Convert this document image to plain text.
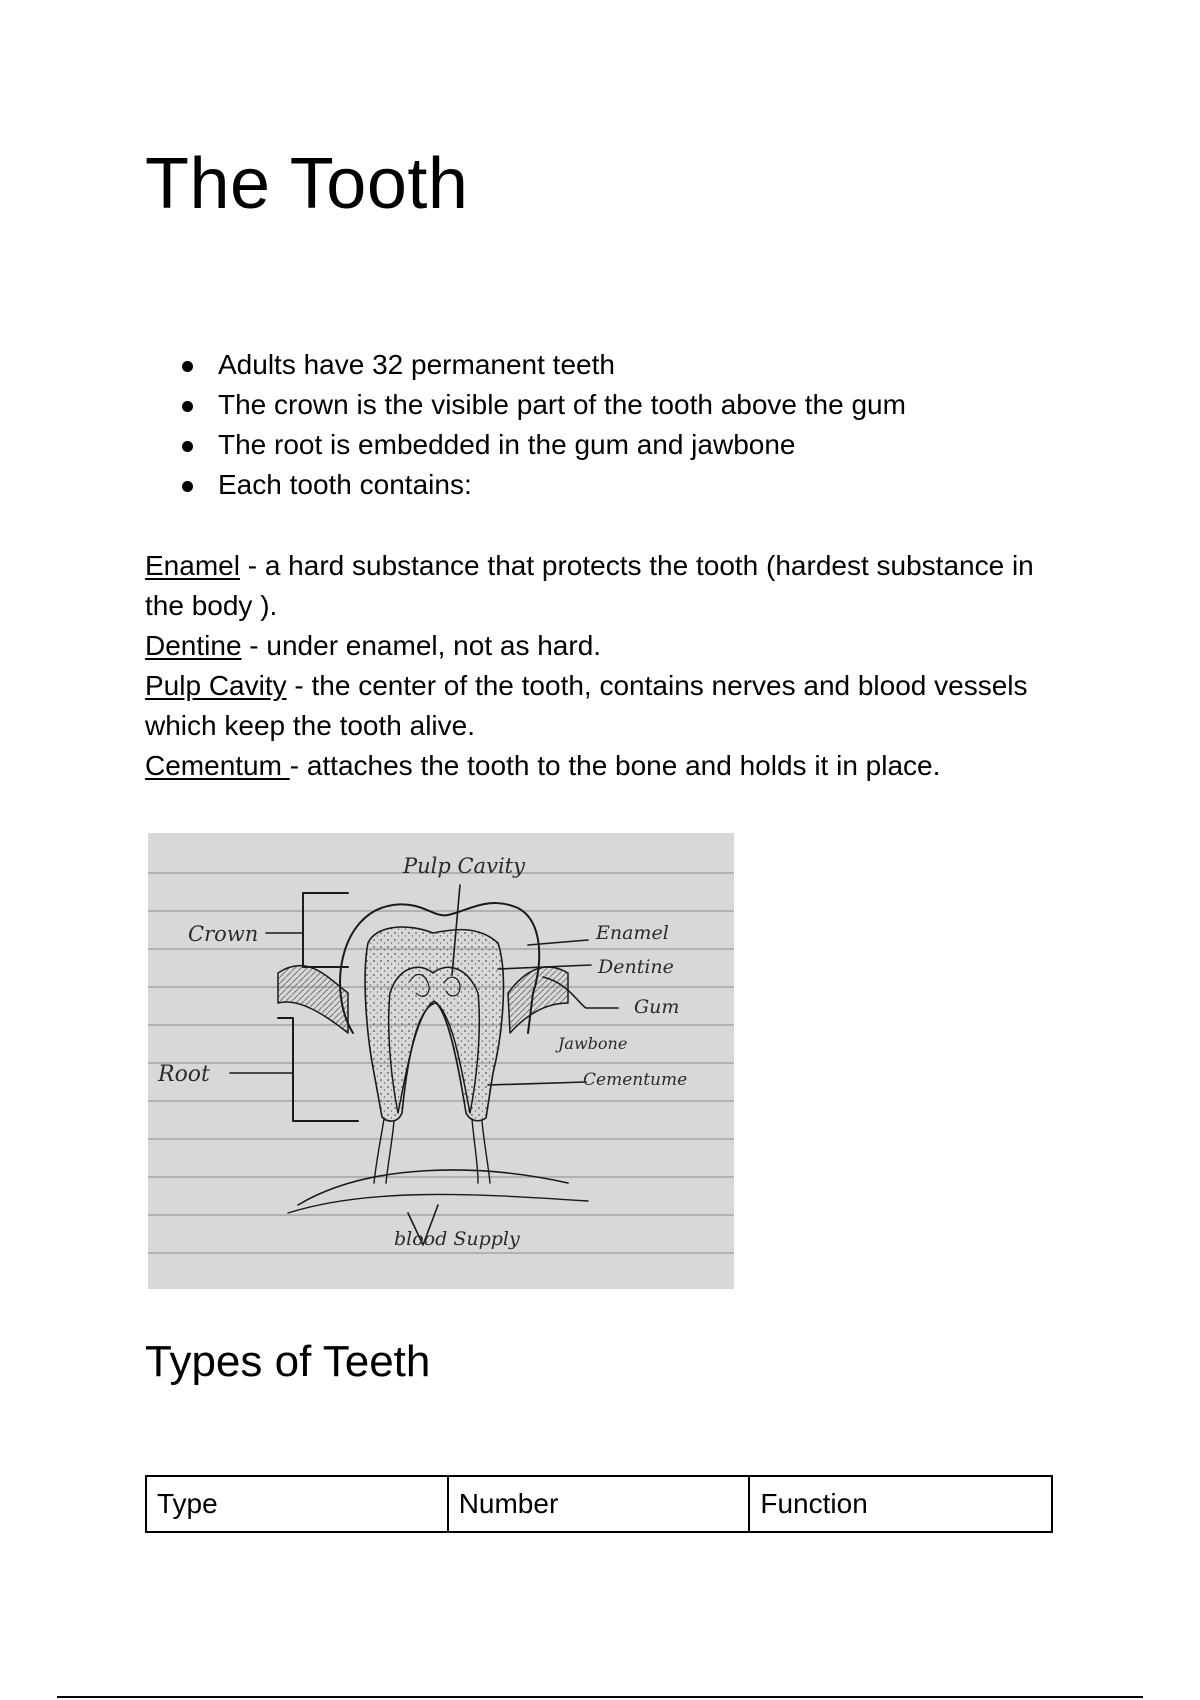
The Tooth
Adults have 32 permanent teeth
The crown is the visible part of the tooth above the gum
The root is embedded in the gum and jawbone
Each tooth contains:

Enamel - a hard substance that protects the tooth (hardest substance in the body ).

Dentine - under enamel, not as hard.

Pulp Cavity - the center of the tooth, contains nerves and blood vessels which keep the tooth alive.

Cementum - attaches the tooth to the bone and holds it in place.

Pulp Cavity
Crown
Root
Enamel
Dentine
Gum
Jawbone
Cementume
blood Supply
Types of Teeth
Type	Number	Function
